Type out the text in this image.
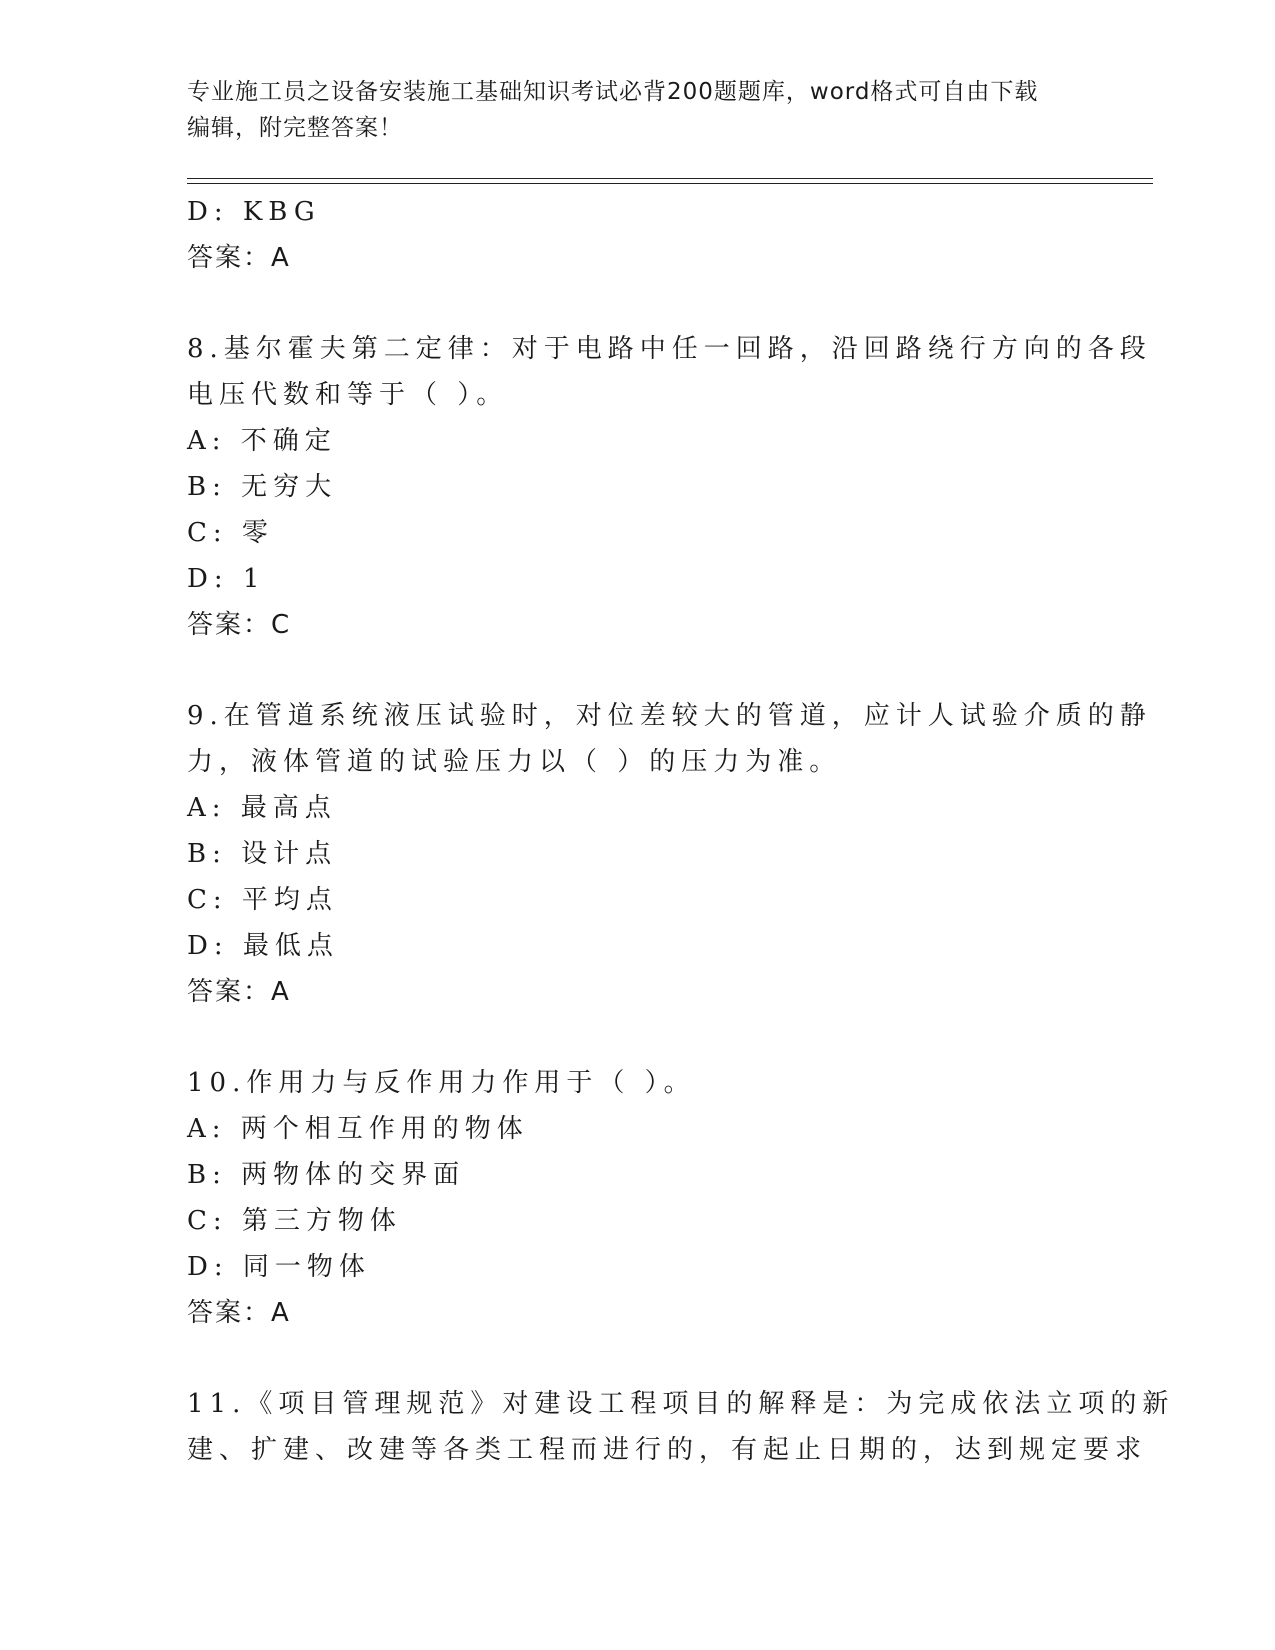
专业施工员之设备安装施工基础知识考试必背200题题库，word格式可自由下载
编辑，附完整答案！
D: KBG
答案：A
8.基尔霍夫第二定律：对于电路中任一回路，沿回路绕行方向的各段
电压代数和等于（ ）。
A: 不确定
B: 无穷大
C: 零
D: 1
答案：C
9.在管道系统液压试验时，对位差较大的管道，应计人试验介质的静
力，液体管道的试验压力以（ ）的压力为准。
A: 最高点
B: 设计点
C: 平均点
D: 最低点
答案：A
10.作用力与反作用力作用于（ ）。
A: 两个相互作用的物体
B: 两物体的交界面
C: 第三方物体
D: 同一物体
答案：A
11.《项目管理规范》对建设工程项目的解释是：为完成依法立项的新
建、扩建、改建等各类工程而进行的，有起止日期的，达到规定要求
